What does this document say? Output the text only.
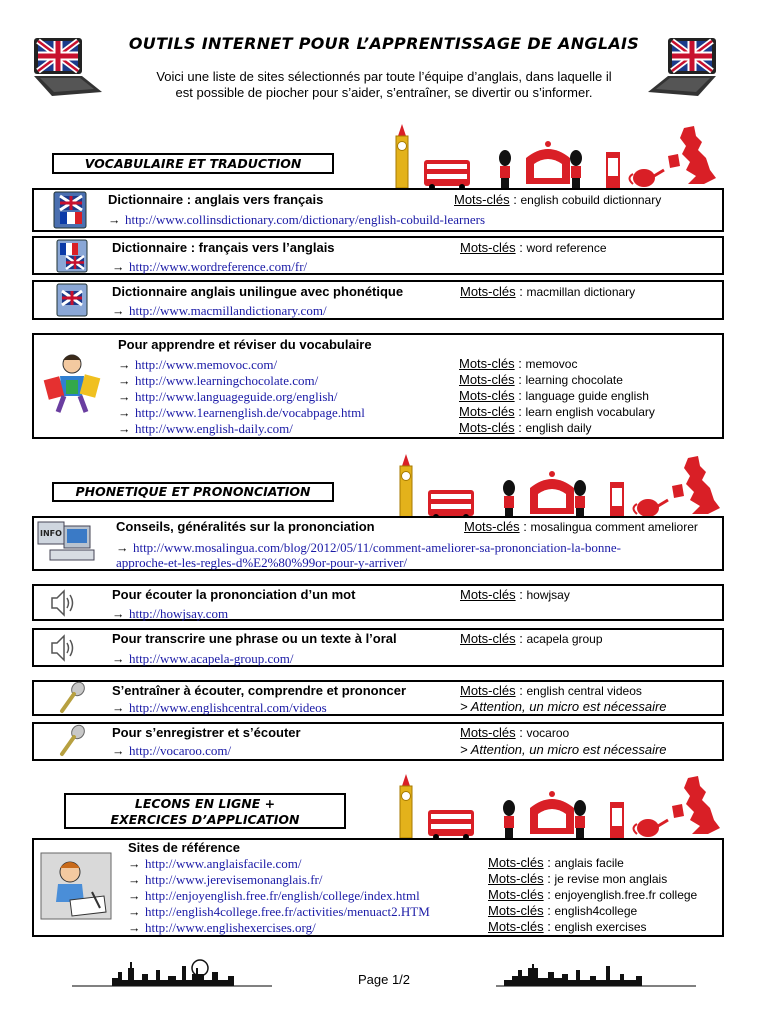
OUTILS INTERNET POUR L’APPRENTISSAGE DE ANGLAIS
Voici une liste de sites sélectionnés par toute l’équipe d’anglais, dans laquelle il
est possible de piocher pour s’aider, s’entraîner, se divertir ou s’informer.
VOCABULAIRE ET TRADUCTION
Dictionnaire : anglais vers français
→ http://www.collinsdictionary.com/dictionary/english-cobuild-learners
Mots-clés : english cobuild dictionnary
Dictionnaire : français vers l’anglais
→ http://www.wordreference.com/fr/
Mots-clés : word reference
Dictionnaire anglais unilingue avec phonétique
→ http://www.macmillandictionary.com/
Mots-clés : macmillan dictionary
Pour apprendre et réviser du vocabulaire
→ http://www.memovoc.com/	Mots-clés : memovoc
→ http://www.learningchocolate.com/	Mots-clés : learning chocolate
→ http://www.languageguide.org/english/	Mots-clés : language guide english
→ http://www.1earnenglish.de/vocabpage.html	Mots-clés : learn english vocabulary
→ http://www.english-daily.com/	Mots-clés : english daily
PHONETIQUE ET PRONONCIATION
INFO	Conseils, généralités sur la prononciation	Mots-clés : mosalingua comment ameliorer
→ http://www.mosalingua.com/blog/2012/05/11/comment-ameliorer-sa-prononciation-la-bonne-
approche-et-les-regles-d%E2%80%99or-pour-y-arriver/
Pour écouter la prononciation d’un mot
→ http://howjsay.com
Mots-clés : howjsay
Pour transcrire une phrase ou un texte à l’oral
→ http://www.acapela-group.com/
Mots-clés : acapela group
S’entraîner à écouter, comprendre et prononcer
→ http://www.englishcentral.com/videos
Mots-clés : english central videos
> Attention, un micro est nécessaire
Pour s’enregistrer et s’écouter
→ http://vocaroo.com/
Mots-clés : vocaroo
> Attention, un micro est nécessaire
LECONS EN LIGNE +
EXERCICES D’APPLICATION
Sites de référence
→ http://www.anglaisfacile.com/	Mots-clés : anglais facile
→ http://www.jerevisemonanglais.fr/	Mots-clés : je revise mon anglais
→ http://enjoyenglish.free.fr/english/college/index.html	Mots-clés : enjoyenglish.free.fr college
→ http://english4college.free.fr/activities/menuact2.HTM	Mots-clés : english4college
→ http://www.englishexercises.org/	Mots-clés : english exercises
Page 1/2
